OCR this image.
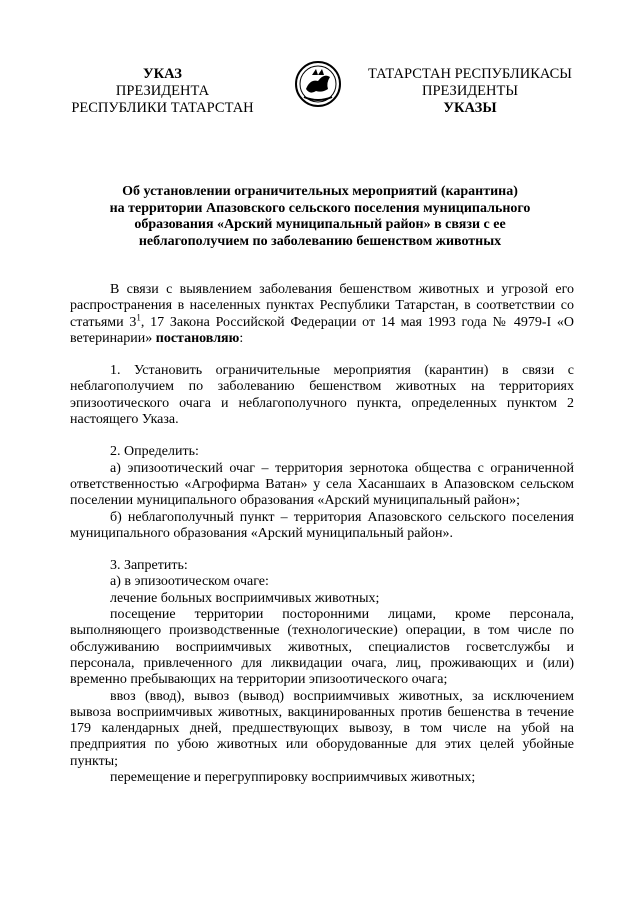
УКАЗ
ПРЕЗИДЕНТА
РЕСПУБЛИКИ ТАТАРСТАН
ТАТАРСТАН РЕСПУБЛИКАСЫ
ПРЕЗИДЕНТЫ
УКАЗЫ
Об установлении ограничительных мероприятий (карантина)
на территории Апазовского сельского поселения муниципального
образования «Арский муниципальный район» в связи с ее
неблагополучием по заболеванию бешенством животных

В связи с выявлением заболевания бешенством животных и угрозой его распространения в населенных пунктах Республики Татарстан, в соответствии со статьями $3^1$, 17 Закона Российской Федерации от 14 мая 1993 года № 4979-I «О ветеринарии» постановляю:

1. Установить ограничительные мероприятия (карантин) в связи с неблагополучием по заболеванию бешенством животных на территориях эпизоотического очага и неблагополучного пункта, определенных пунктом 2 настоящего Указа.

2. Определить:

а) эпизоотический очаг – территория зернотока общества с ограниченной ответственностью «Агрофирма Ватан» у села Хасаншаих в Апазовском сельском поселении муниципального образования «Арский муниципальный район»;

б) неблагополучный пункт – территория Апазовского сельского поселения муниципального образования «Арский муниципальный район».

3. Запретить:

а) в эпизоотическом очаге:

лечение больных восприимчивых животных;

посещение территории посторонними лицами, кроме персонала, выполняющего производственные (технологические) операции, в том числе по обслуживанию восприимчивых животных, специалистов госветслужбы и персонала, привлеченного для ликвидации очага, лиц, проживающих и (или) временно пребывающих на территории эпизоотического очага;

ввоз (ввод), вывоз (вывод) восприимчивых животных, за исключением вывоза восприимчивых животных, вакцинированных против бешенства в течение 179 календарных дней, предшествующих вывозу, в том числе на убой на предприятия по убою животных или оборудованные для этих целей убойные пункты;

перемещение и перегруппировку восприимчивых животных;
